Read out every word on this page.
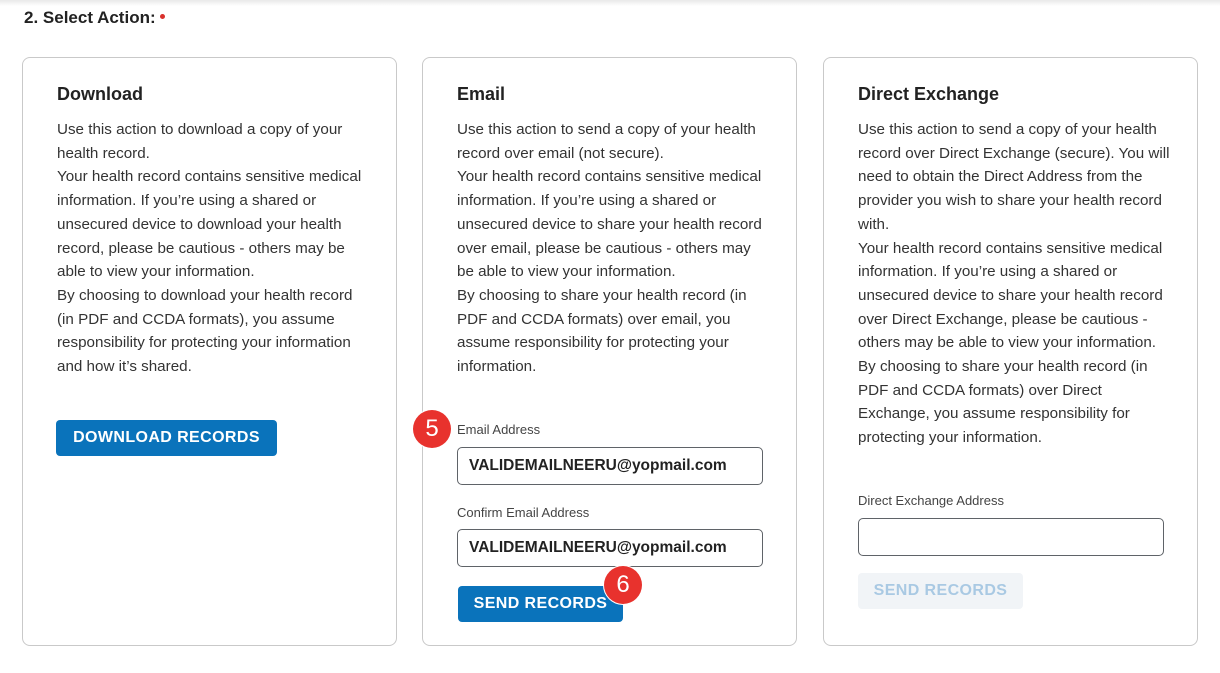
2. Select Action:
Download

Use this action to download a copy of your health record.

Your health record contains sensitive medical information. If you’re using a shared or unsecured device to download your health record, please be cautious - others may be able to view your information.

By choosing to download your health record (in PDF and CCDA formats), you assume responsibility for protecting your information and how it’s shared.

DOWNLOAD RECORDS
Email

Use this action to send a copy of your health record over email (not secure).

Your health record contains sensitive medical information. If you’re using a shared or unsecured device to share your health record over email, please be cautious - others may be able to view your information.

By choosing to share your health record (in PDF and CCDA formats) over email, you assume responsibility for protecting your information.

Email Address
VALIDEMAILNEERU@yopmail.com
Confirm Email Address
VALIDEMAILNEERU@yopmail.com
SEND RECORDS
Direct Exchange

Use this action to send a copy of your health record over Direct Exchange (secure). You will need to obtain the Direct Address from the provider you wish to share your health record with.

Your health record contains sensitive medical information. If you’re using a shared or unsecured device to share your health record over Direct Exchange, please be cautious - others may be able to view your information.

By choosing to share your health record (in PDF and CCDA formats) over Direct Exchange, you assume responsibility for protecting your information.

Direct Exchange Address
SEND RECORDS
5
6
